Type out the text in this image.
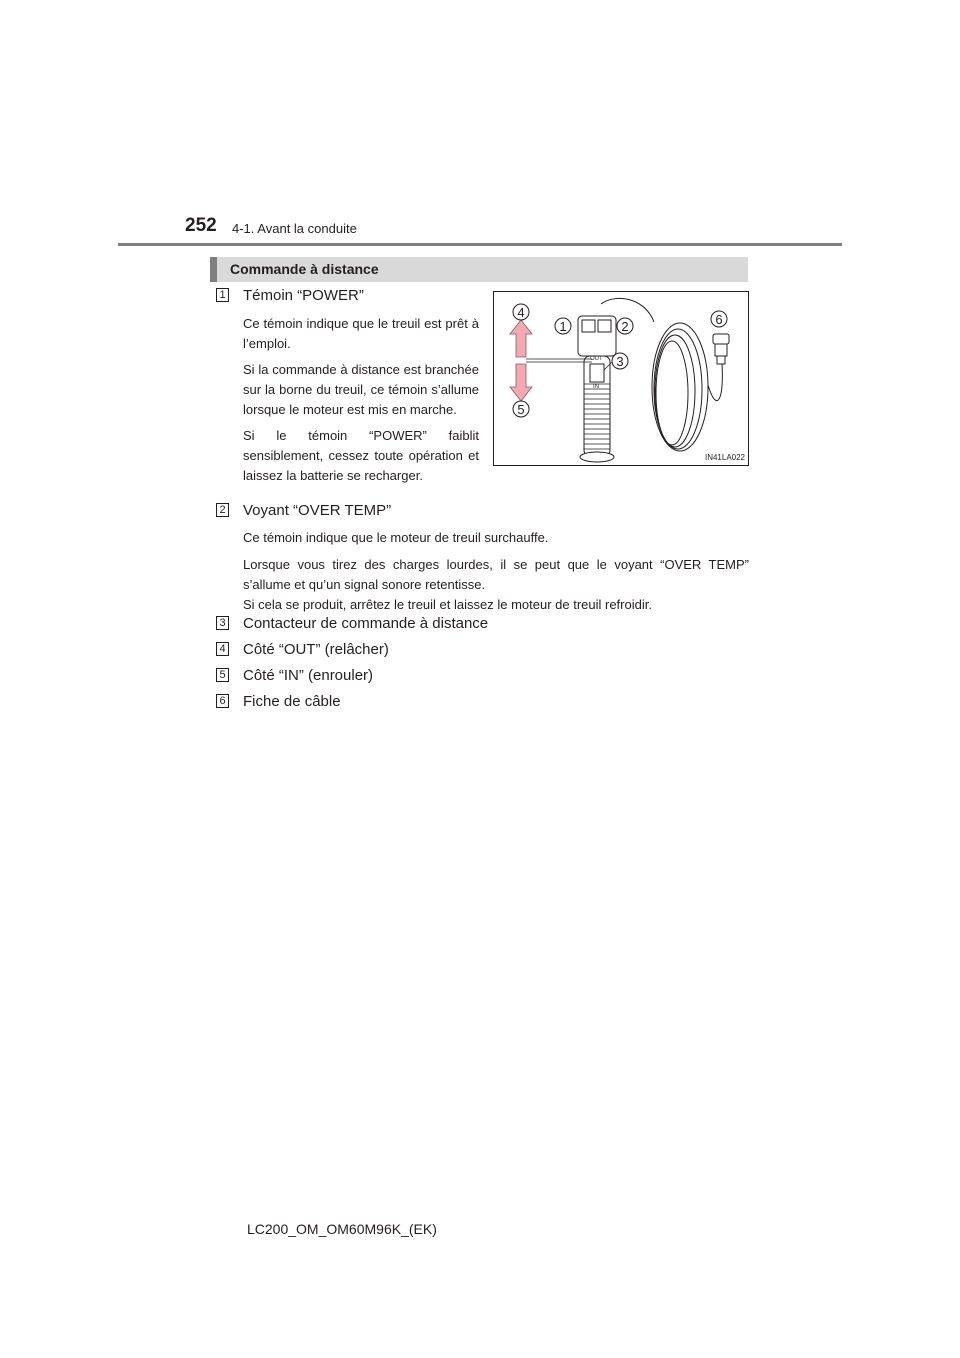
252 4-1. Avant la conduite
Commande à distance
1 Témoin “POWER”

Ce témoin indique que le treuil est prêt à l’emploi.

Si la commande à distance est branchée sur la borne du treuil, ce témoin s’allume lorsque le moteur est mis en marche.

Si le témoin “POWER” faiblit sensiblement, cessez toute opération et laissez la batterie se recharger.

OUT
IN
4
1	2
3
6
5
IN41LA022
2 Voyant “OVER TEMP”

Ce témoin indique que le moteur de treuil surchauffe.

Lorsque vous tirez des charges lourdes, il se peut que le voyant “OVER TEMP” s’allume et qu’un signal sonore retentisse.

Si cela se produit, arrêtez le treuil et laissez le moteur de treuil refroidir.

3 Contacteur de commande à distance
4 Côté “OUT” (relâcher)
5 Côté “IN” (enrouler)
6 Fiche de câble
LC200_OM_OM60M96K_(EK)
